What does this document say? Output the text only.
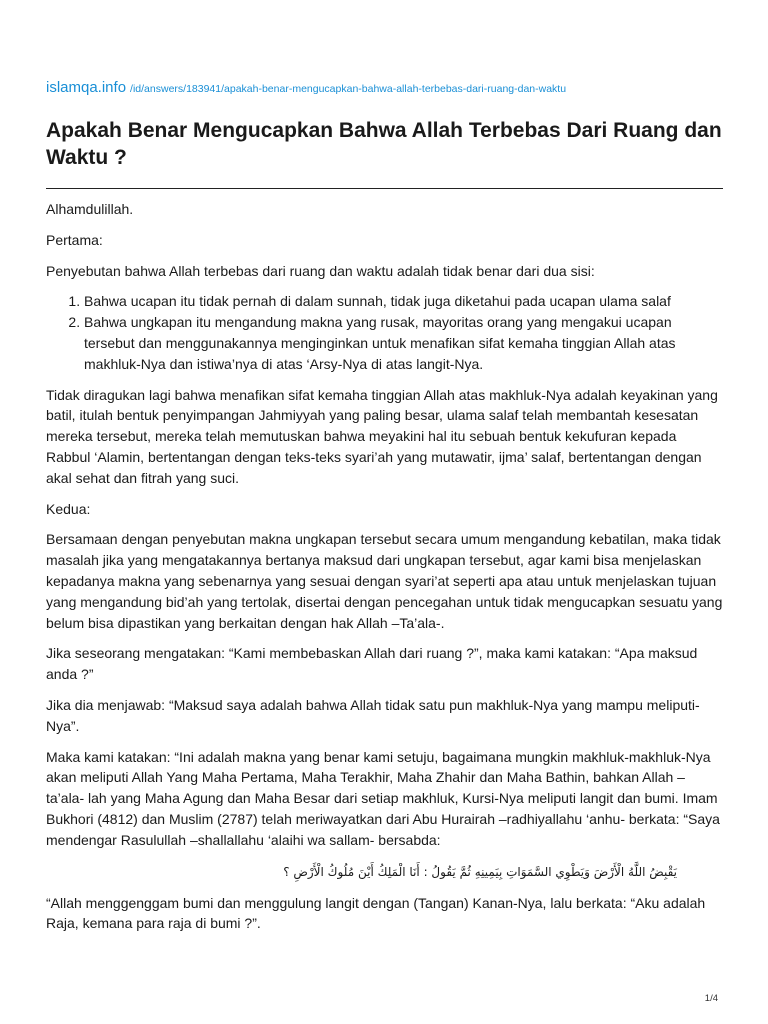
islamqa.info /id/answers/183941/apakah-benar-mengucapkan-bahwa-allah-terbebas-dari-ruang-dan-waktu
Apakah Benar Mengucapkan Bahwa Allah Terbebas Dari Ruang dan Waktu ?

Alhamdulillah.

Pertama:

Penyebutan bahwa Allah terbebas dari ruang dan waktu adalah tidak benar dari dua sisi:

1. Bahwa ucapan itu tidak pernah di dalam sunnah, tidak juga diketahui pada ucapan ulama salaf
2. Bahwa ungkapan itu mengandung makna yang rusak, mayoritas orang yang mengakui ucapan tersebut dan menggunakannya menginginkan untuk menafikan sifat kemaha tinggian Allah atas makhluk-Nya dan istiwa’nya di atas ‘Arsy-Nya di atas langit-Nya.

Tidak diragukan lagi bahwa menafikan sifat kemaha tinggian Allah atas makhluk-Nya adalah keyakinan yang batil, itulah bentuk penyimpangan Jahmiyyah yang paling besar, ulama salaf telah membantah kesesatan mereka tersebut, mereka telah memutuskan bahwa meyakini hal itu sebuah bentuk kekufuran kepada Rabbul ‘Alamin, bertentangan dengan teks-teks syari’ah yang mutawatir, ijma’ salaf, bertentangan dengan akal sehat dan fitrah yang suci.

Kedua:

Bersamaan dengan penyebutan makna ungkapan tersebut secara umum mengandung kebatilan, maka tidak masalah jika yang mengatakannya bertanya maksud dari ungkapan tersebut, agar kami bisa menjelaskan kepadanya makna yang sebenarnya yang sesuai dengan syari’at seperti apa atau untuk menjelaskan tujuan yang mengandung bid’ah yang tertolak, disertai dengan pencegahan untuk tidak mengucapkan sesuatu yang belum bisa dipastikan yang berkaitan dengan hak Allah –Ta’ala-.

Jika seseorang mengatakan: “Kami membebaskan Allah dari ruang ?”, maka kami katakan: “Apa maksud anda ?”

Jika dia menjawab: “Maksud saya adalah bahwa Allah tidak satu pun makhluk-Nya yang mampu meliputi-Nya”.

Maka kami katakan: “Ini adalah makna yang benar kami setuju, bagaimana mungkin makhluk-makhluk-Nya akan meliputi Allah Yang Maha Pertama, Maha Terakhir, Maha Zhahir dan Maha Bathin, bahkan Allah –ta’ala- lah yang Maha Agung dan Maha Besar dari setiap makhluk, Kursi-Nya meliputi langit dan bumi. Imam Bukhori (4812) dan Muslim (2787) telah meriwayatkan dari Abu Hurairah –radhiyallahu ‘anhu- berkata: “Saya mendengar Rasulullah –shallallahu ‘alaihi wa sallam- bersabda:

يَقْبِضُ اللَّهُ الْأَرْضَ وَيَطْوِي السَّمَوَاتِ بِيَمِينِهِ ثُمَّ يَقُولُ : أَنَا الْمَلِكُ أَيْنَ مُلُوكُ الْأَرْضِ ؟

“Allah menggenggam bumi dan menggulung langit dengan (Tangan) Kanan-Nya, lalu berkata: “Aku adalah Raja, kemana para raja di bumi ?”.

1/4
